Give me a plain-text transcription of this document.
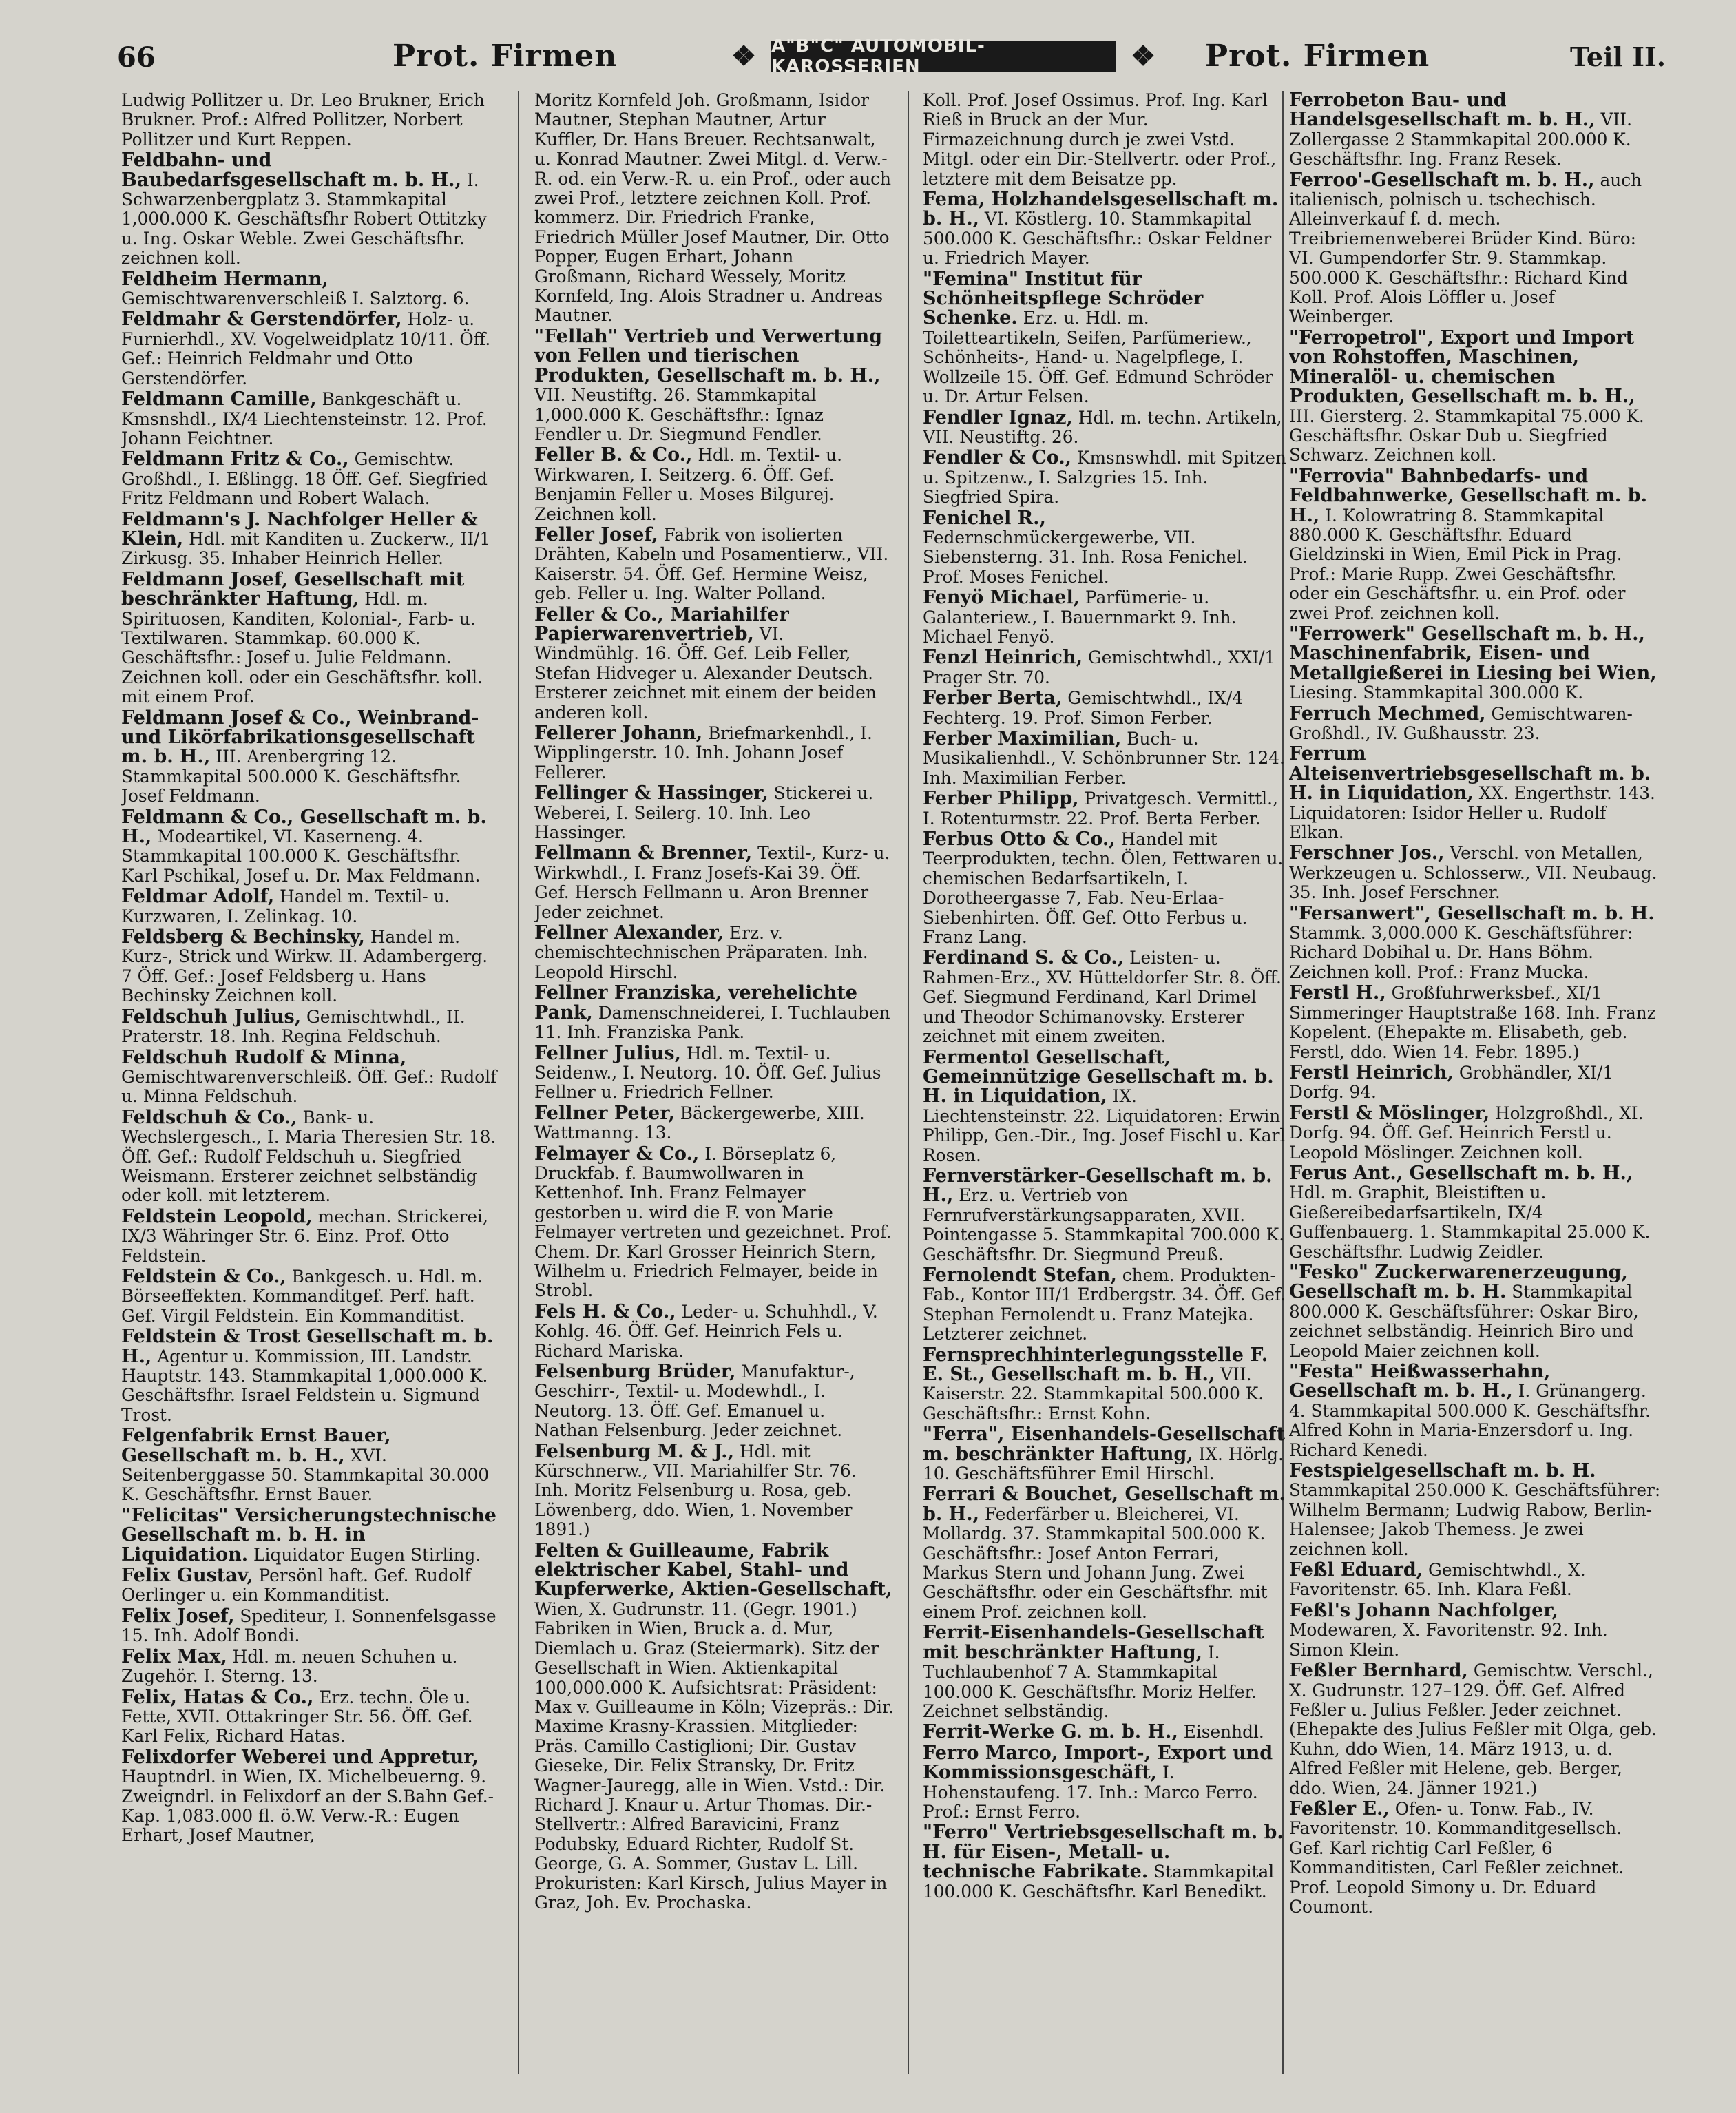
66	Prot. Firmen	❖ A"B"C" AUTOMOBIL-KAROSSERIEN	❖ Prot. Firmen	Teil II.

Ludwig Pollitzer u. Dr. Leo Brukner, Erich Brukner. Prof.: Alfred Pollitzer, Norbert Pollitzer und Kurt Reppen.

Feldbahn- und Baubedarfsgesellschaft m. b. H., I. Schwarzenbergplatz 3. Stammkapital 1,000.000 K. Geschäftsfhr Robert Ottitzky u. Ing. Oskar Weble. Zwei Geschäftsfhr. zeichnen koll.

Feldheim Hermann, Gemischtwarenverschleiß I. Salztorg. 6.

Feldmahr & Gerstendörfer, Holz- u. Furnierhdl., XV. Vogelweidplatz 10/11. Öff. Gef.: Heinrich Feldmahr und Otto Gerstendörfer.

Feldmann Camille, Bankgeschäft u. Kmsnshdl., IX/4 Liechtensteinstr. 12. Prof. Johann Feichtner.

Feldmann Fritz & Co., Gemischtw. Großhdl., I. Eßlingg. 18 Öff. Gef. Siegfried Fritz Feldmann und Robert Walach.

Feldmann's J. Nachfolger Heller & Klein, Hdl. mit Kanditen u. Zuckerw., II/1 Zirkusg. 35. Inhaber Heinrich Heller.

Feldmann Josef, Gesellschaft mit beschränkter Haftung, Hdl. m. Spirituosen, Kanditen, Kolonial-, Farb- u. Textilwaren. Stammkap. 60.000 K. Geschäftsfhr.: Josef u. Julie Feldmann. Zeichnen koll. oder ein Geschäftsfhr. koll. mit einem Prof.

Feldmann Josef & Co., Weinbrand- und Likörfabrikationsgesellschaft m. b. H., III. Arenbergring 12. Stammkapital 500.000 K. Geschäftsfhr. Josef Feldmann.

Feldmann & Co., Gesellschaft m. b. H., Modeartikel, VI. Kaserneng. 4. Stammkapital 100.000 K. Geschäftsfhr. Karl Pschikal, Josef u. Dr. Max Feldmann.

Feldmar Adolf, Handel m. Textil- u. Kurzwaren, I. Zelinkag. 10.

Feldsberg & Bechinsky, Handel m. Kurz-, Strick und Wirkw. II. Adambergerg. 7 Öff. Gef.: Josef Feldsberg u. Hans Bechinsky Zeichnen koll.

Feldschuh Julius, Gemischtwhdl., II. Praterstr. 18. Inh. Regina Feldschuh.

Feldschuh Rudolf & Minna, Gemischtwarenverschleiß. Öff. Gef.: Rudolf u. Minna Feldschuh.

Feldschuh & Co., Bank- u. Wechslergesch., I. Maria Theresien Str. 18. Öff. Gef.: Rudolf Feldschuh u. Siegfried Weismann. Ersterer zeichnet selbständig oder koll. mit letzterem.

Feldstein Leopold, mechan. Strickerei, IX/3 Währinger Str. 6. Einz. Prof. Otto Feldstein.

Feldstein & Co., Bankgesch. u. Hdl. m. Börseeffekten. Kommanditgef. Perf. haft. Gef. Virgil Feldstein. Ein Kommanditist.

Feldstein & Trost Gesellschaft m. b. H., Agentur u. Kommission, III. Landstr. Hauptstr. 143. Stammkapital 1,000.000 K. Geschäftsfhr. Israel Feldstein u. Sigmund Trost.

Felgenfabrik Ernst Bauer, Gesellschaft m. b. H., XVI. Seitenberggasse 50. Stammkapital 30.000 K. Geschäftsfhr. Ernst Bauer.

"Felicitas" Versicherungstechnische Gesellschaft m. b. H. in Liquidation. Liquidator Eugen Stirling.

Felix Gustav, Persönl haft. Gef. Rudolf Oerlinger u. ein Kommanditist.

Felix Josef, Spediteur, I. Sonnenfelsgasse 15. Inh. Adolf Bondi.

Felix Max, Hdl. m. neuen Schuhen u. Zugehör. I. Sterng. 13.

Felix, Hatas & Co., Erz. techn. Öle u. Fette, XVII. Ottakringer Str. 56. Öff. Gef. Karl Felix, Richard Hatas.

Felixdorfer Weberei und Appretur, Hauptndrl. in Wien, IX. Michelbeuerng. 9. Zweigndrl. in Felixdorf an der S.Bahn Gef.-Kap. 1,083.000 fl. ö.W. Verw.-R.: Eugen Erhart, Josef Mautner,

Moritz Kornfeld Joh. Großmann, Isidor Mautner, Stephan Mautner, Artur Kuffler, Dr. Hans Breuer. Rechtsanwalt, u. Konrad Mautner. Zwei Mitgl. d. Verw.-R. od. ein Verw.-R. u. ein Prof., oder auch zwei Prof., letztere zeichnen Koll. Prof. kommerz. Dir. Friedrich Franke, Friedrich Müller Josef Mautner, Dir. Otto Popper, Eugen Erhart, Johann Großmann, Richard Wessely, Moritz Kornfeld, Ing. Alois Stradner u. Andreas Mautner.

"Fellah" Vertrieb und Verwertung von Fellen und tierischen Produkten, Gesellschaft m. b. H., VII. Neustiftg. 26. Stammkapital 1,000.000 K. Geschäftsfhr.: Ignaz Fendler u. Dr. Siegmund Fendler.

Feller B. & Co., Hdl. m. Textil- u. Wirkwaren, I. Seitzerg. 6. Öff. Gef. Benjamin Feller u. Moses Bilgurej. Zeichnen koll.

Feller Josef, Fabrik von isolierten Drähten, Kabeln und Posamentierw., VII. Kaiserstr. 54. Öff. Gef. Hermine Weisz, geb. Feller u. Ing. Walter Polland.

Feller & Co., Mariahilfer Papierwarenvertrieb, VI. Windmühlg. 16. Öff. Gef. Leib Feller, Stefan Hidveger u. Alexander Deutsch. Ersterer zeichnet mit einem der beiden anderen koll.

Fellerer Johann, Briefmarkenhdl., I. Wipplingerstr. 10. Inh. Johann Josef Fellerer.

Fellinger & Hassinger, Stickerei u. Weberei, I. Seilerg. 10. Inh. Leo Hassinger.

Fellmann & Brenner, Textil-, Kurz- u. Wirkwhdl., I. Franz Josefs-Kai 39. Öff. Gef. Hersch Fellmann u. Aron Brenner Jeder zeichnet.

Fellner Alexander, Erz. v. chemischtechnischen Präparaten. Inh. Leopold Hirschl.

Fellner Franziska, verehelichte Pank, Damenschneiderei, I. Tuchlauben 11. Inh. Franziska Pank.

Fellner Julius, Hdl. m. Textil- u. Seidenw., I. Neutorg. 10. Öff. Gef. Julius Fellner u. Friedrich Fellner.

Fellner Peter, Bäckergewerbe, XIII. Wattmanng. 13.

Felmayer & Co., I. Börseplatz 6, Druckfab. f. Baumwollwaren in Kettenhof. Inh. Franz Felmayer gestorben u. wird die F. von Marie Felmayer vertreten und gezeichnet. Prof. Chem. Dr. Karl Grosser Heinrich Stern, Wilhelm u. Friedrich Felmayer, beide in Strobl.

Fels H. & Co., Leder- u. Schuhhdl., V. Kohlg. 46. Öff. Gef. Heinrich Fels u. Richard Mariska.

Felsenburg Brüder, Manufaktur-, Geschirr-, Textil- u. Modewhdl., I. Neutorg. 13. Öff. Gef. Emanuel u. Nathan Felsenburg. Jeder zeichnet.

Felsenburg M. & J., Hdl. mit Kürschnerw., VII. Mariahilfer Str. 76. Inh. Moritz Felsenburg u. Rosa, geb. Löwenberg, ddo. Wien, 1. November 1891.)

Felten & Guilleaume, Fabrik elektrischer Kabel, Stahl- und Kupferwerke, Aktien-Gesellschaft, Wien, X. Gudrunstr. 11. (Gegr. 1901.) Fabriken in Wien, Bruck a. d. Mur, Diemlach u. Graz (Steiermark). Sitz der Gesellschaft in Wien. Aktienkapital 100,000.000 K. Aufsichtsrat: Präsident: Max v. Guilleaume in Köln; Vizepräs.: Dir. Maxime Krasny-Krassien. Mitglieder: Präs. Camillo Castiglioni; Dir. Gustav Gieseke, Dir. Felix Stransky, Dr. Fritz Wagner-Jauregg, alle in Wien. Vstd.: Dir. Richard J. Knaur u. Artur Thomas. Dir.-Stellvertr.: Alfred Baravicini, Franz Podubsky, Eduard Richter, Rudolf St. George, G. A. Sommer, Gustav L. Lill. Prokuristen: Karl Kirsch, Julius Mayer in Graz, Joh. Ev. Prochaska.

Koll. Prof. Josef Ossimus. Prof. Ing. Karl Rieß in Bruck an der Mur. Firmazeichnung durch je zwei Vstd. Mitgl. oder ein Dir.-Stellvertr. oder Prof., letztere mit dem Beisatze pp.

Fema, Holzhandelsgesellschaft m. b. H., VI. Köstlerg. 10. Stammkapital 500.000 K. Geschäftsfhr.: Oskar Feldner u. Friedrich Mayer.

"Femina" Institut für Schönheitspflege Schröder Schenke. Erz. u. Hdl. m. Toiletteartikeln, Seifen, Parfümeriew., Schönheits-, Hand- u. Nagelpflege, I. Wollzeile 15. Öff. Gef. Edmund Schröder u. Dr. Artur Felsen.

Fendler Ignaz, Hdl. m. techn. Artikeln, VII. Neustiftg. 26.

Fendler & Co., Kmsnswhdl. mit Spitzen u. Spitzenw., I. Salzgries 15. Inh. Siegfried Spira.

Fenichel R., Federnschmückergewerbe, VII. Siebensterng. 31. Inh. Rosa Fenichel. Prof. Moses Fenichel.

Fenyö Michael, Parfümerie- u. Galanteriew., I. Bauernmarkt 9. Inh. Michael Fenyö.

Fenzl Heinrich, Gemischtwhdl., XXI/1 Prager Str. 70.

Ferber Berta, Gemischtwhdl., IX/4 Fechterg. 19. Prof. Simon Ferber.

Ferber Maximilian, Buch- u. Musikalienhdl., V. Schönbrunner Str. 124. Inh. Maximilian Ferber.

Ferber Philipp, Privatgesch. Vermittl., I. Rotenturmstr. 22. Prof. Berta Ferber.

Ferbus Otto & Co., Handel mit Teerprodukten, techn. Ölen, Fettwaren u. chemischen Bedarfsartikeln, I. Dorotheergasse 7, Fab. Neu-Erlaa-Siebenhirten. Öff. Gef. Otto Ferbus u. Franz Lang.

Ferdinand S. & Co., Leisten- u. Rahmen-Erz., XV. Hütteldorfer Str. 8. Öff. Gef. Siegmund Ferdinand, Karl Drimel und Theodor Schimanovsky. Ersterer zeichnet mit einem zweiten.

Fermentol Gesellschaft, Gemeinnützige Gesellschaft m. b. H. in Liquidation, IX. Liechtensteinstr. 22. Liquidatoren: Erwin Philipp, Gen.-Dir., Ing. Josef Fischl u. Karl Rosen.

Fernverstärker-Gesellschaft m. b. H., Erz. u. Vertrieb von Fernrufverstärkungsapparaten, XVII. Pointengasse 5. Stammkapital 700.000 K. Geschäftsfhr. Dr. Siegmund Preuß.

Fernolendt Stefan, chem. Produkten-Fab., Kontor III/1 Erdbergstr. 34. Öff. Gef. Stephan Fernolendt u. Franz Matejka. Letzterer zeichnet.

Fernsprechhinterlegungsstelle F. E. St., Gesellschaft m. b. H., VII. Kaiserstr. 22. Stammkapital 500.000 K. Geschäftsfhr.: Ernst Kohn.

"Ferra", Eisenhandels-Gesellschaft m. beschränkter Haftung, IX. Hörlg. 10. Geschäftsführer Emil Hirschl.

Ferrari & Bouchet, Gesellschaft m. b. H., Federfärber u. Bleicherei, VI. Mollardg. 37. Stammkapital 500.000 K. Geschäftsfhr.: Josef Anton Ferrari, Markus Stern und Johann Jung. Zwei Geschäftsfhr. oder ein Geschäftsfhr. mit einem Prof. zeichnen koll.

Ferrit-Eisenhandels-Gesellschaft mit beschränkter Haftung, I. Tuchlaubenhof 7 A. Stammkapital 100.000 K. Geschäftsfhr. Moriz Helfer. Zeichnet selbständig.

Ferrit-Werke G. m. b. H., Eisenhdl.

Ferro Marco, Import-, Export und Kommissionsgeschäft, I. Hohenstaufeng. 17. Inh.: Marco Ferro. Prof.: Ernst Ferro.

"Ferro" Vertriebsgesellschaft m. b. H. für Eisen-, Metall- u. technische Fabrikate. Stammkapital 100.000 K. Geschäftsfhr. Karl Benedikt.

Ferrobeton Bau- und Handelsgesellschaft m. b. H., VII. Zollergasse 2 Stammkapital 200.000 K. Geschäftsfhr. Ing. Franz Resek.

Ferroo'-Gesellschaft m. b. H., auch italienisch, polnisch u. tschechisch. Alleinverkauf f. d. mech. Treibriemenweberei Brüder Kind. Büro: VI. Gumpendorfer Str. 9. Stammkap. 500.000 K. Geschäftsfhr.: Richard Kind Koll. Prof. Alois Löffler u. Josef Weinberger.

"Ferropetrol", Export und Import von Rohstoffen, Maschinen, Mineralöl- u. chemischen Produkten, Gesellschaft m. b. H., III. Giersterg. 2. Stammkapital 75.000 K. Geschäftsfhr. Oskar Dub u. Siegfried Schwarz. Zeichnen koll.

"Ferrovia" Bahnbedarfs- und Feldbahnwerke, Gesellschaft m. b. H., I. Kolowratring 8. Stammkapital 880.000 K. Geschäftsfhr. Eduard Gieldzinski in Wien, Emil Pick in Prag. Prof.: Marie Rupp. Zwei Geschäftsfhr. oder ein Geschäftsfhr. u. ein Prof. oder zwei Prof. zeichnen koll.

"Ferrowerk" Gesellschaft m. b. H., Maschinenfabrik, Eisen- und Metallgießerei in Liesing bei Wien, Liesing. Stammkapital 300.000 K.

Ferruch Mechmed, Gemischtwaren-Großhdl., IV. Gußhausstr. 23.

Ferrum Alteisenvertriebsgesellschaft m. b. H. in Liquidation, XX. Engerthstr. 143. Liquidatoren: Isidor Heller u. Rudolf Elkan.

Ferschner Jos., Verschl. von Metallen, Werkzeugen u. Schlosserw., VII. Neubaug. 35. Inh. Josef Ferschner.

"Fersanwert", Gesellschaft m. b. H. Stammk. 3,000.000 K. Geschäftsführer: Richard Dobihal u. Dr. Hans Böhm. Zeichnen koll. Prof.: Franz Mucka.

Ferstl H., Großfuhrwerksbef., XI/1 Simmeringer Hauptstraße 168. Inh. Franz Kopelent. (Ehepakte m. Elisabeth, geb. Ferstl, ddo. Wien 14. Febr. 1895.)

Ferstl Heinrich, Grobhändler, XI/1 Dorfg. 94.

Ferstl & Möslinger, Holzgroßhdl., XI. Dorfg. 94. Öff. Gef. Heinrich Ferstl u. Leopold Möslinger. Zeichnen koll.

Ferus Ant., Gesellschaft m. b. H., Hdl. m. Graphit, Bleistiften u. Gießereibedarfsartikeln, IX/4 Guffenbauerg. 1. Stammkapital 25.000 K. Geschäftsfhr. Ludwig Zeidler.

"Fesko" Zuckerwarenerzeugung, Gesellschaft m. b. H. Stammkapital 800.000 K. Geschäftsführer: Oskar Biro, zeichnet selbständig. Heinrich Biro und Leopold Maier zeichnen koll.

"Festa" Heißwasserhahn, Gesellschaft m. b. H., I. Grünangerg. 4. Stammkapital 500.000 K. Geschäftsfhr. Alfred Kohn in Maria-Enzersdorf u. Ing. Richard Kenedi.

Festspielgesellschaft m. b. H. Stammkapital 250.000 K. Geschäftsführer: Wilhelm Bermann; Ludwig Rabow, Berlin-Halensee; Jakob Themess. Je zwei zeichnen koll.

Feßl Eduard, Gemischtwhdl., X. Favoritenstr. 65. Inh. Klara Feßl.

Feßl's Johann Nachfolger, Modewaren, X. Favoritenstr. 92. Inh. Simon Klein.

Feßler Bernhard, Gemischtw. Verschl., X. Gudrunstr. 127–129. Öff. Gef. Alfred Feßler u. Julius Feßler. Jeder zeichnet. (Ehepakte des Julius Feßler mit Olga, geb. Kuhn, ddo Wien, 14. März 1913, u. d. Alfred Feßler mit Helene, geb. Berger, ddo. Wien, 24. Jänner 1921.)

Feßler E., Ofen- u. Tonw. Fab., IV. Favoritenstr. 10. Kommanditgesellsch. Gef. Karl richtig Carl Feßler, 6 Kommanditisten, Carl Feßler zeichnet. Prof. Leopold Simony u. Dr. Eduard Coumont.
